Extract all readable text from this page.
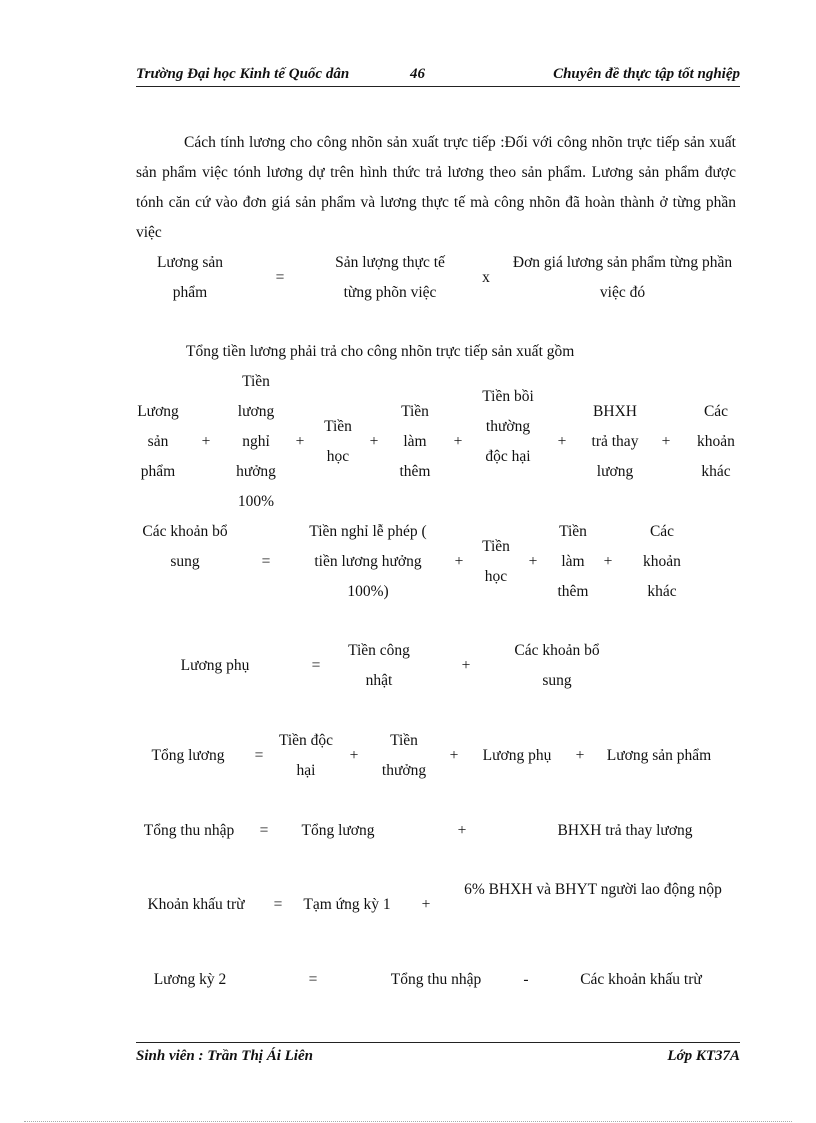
Trường Đại học Kinh tế Quốc dân	46	Chuyên đề thực tập tốt nghiệp

Cách tính lương cho công nhõn sản xuất trực tiếp :Đối với công nhõn trực tiếp sản xuất sản phẩm việc tónh lương dự trên hình thức trả lương theo sản phẩm. Lương sản phẩm được tónh căn cứ vào đơn giá sản phẩm và lương thực tế mà công nhõn đã hoàn thành ở từng phần việc

Lương sản phẩm
=
Sản lượng thực tế từng phõn việc
x
Đơn giá lương sản phẩm từng phần việc đó
Tổng tiền lương phải trả cho công nhõn trực tiếp sản xuất gồm
Lương sản phẩm
+
Tiền lương nghỉ hưởng 100%
+
Tiền học
+
Tiền làm thêm
+
Tiền bồi thường độc hại
+
BHXH trả thay lương
+
Các khoản khác
Các khoản bổ sung	=
Tiền nghỉ lễ phép ( tiền lương hưởng 100%)
+
Tiền học
+
Tiền làm thêm
+
Các khoản khác
Lương phụ	=
Tiền công nhật
+
Các khoản bổ sung
Tổng lương	=
Tiền độc hại
+
Tiền thưởng
+	Lương phụ	+	Lương sản phẩm
Tổng thu nhập	=	Tổng lương	+	BHXH trả thay lương
Khoản khấu trừ	=	Tạm ứng kỳ 1	+
6% BHXH và BHYT người lao động nộp
Lương kỳ 2	=	Tổng thu nhập	-	Các khoản khấu trừ
Sinh viên : Trần Thị Ái Liên	Lớp KT37A
